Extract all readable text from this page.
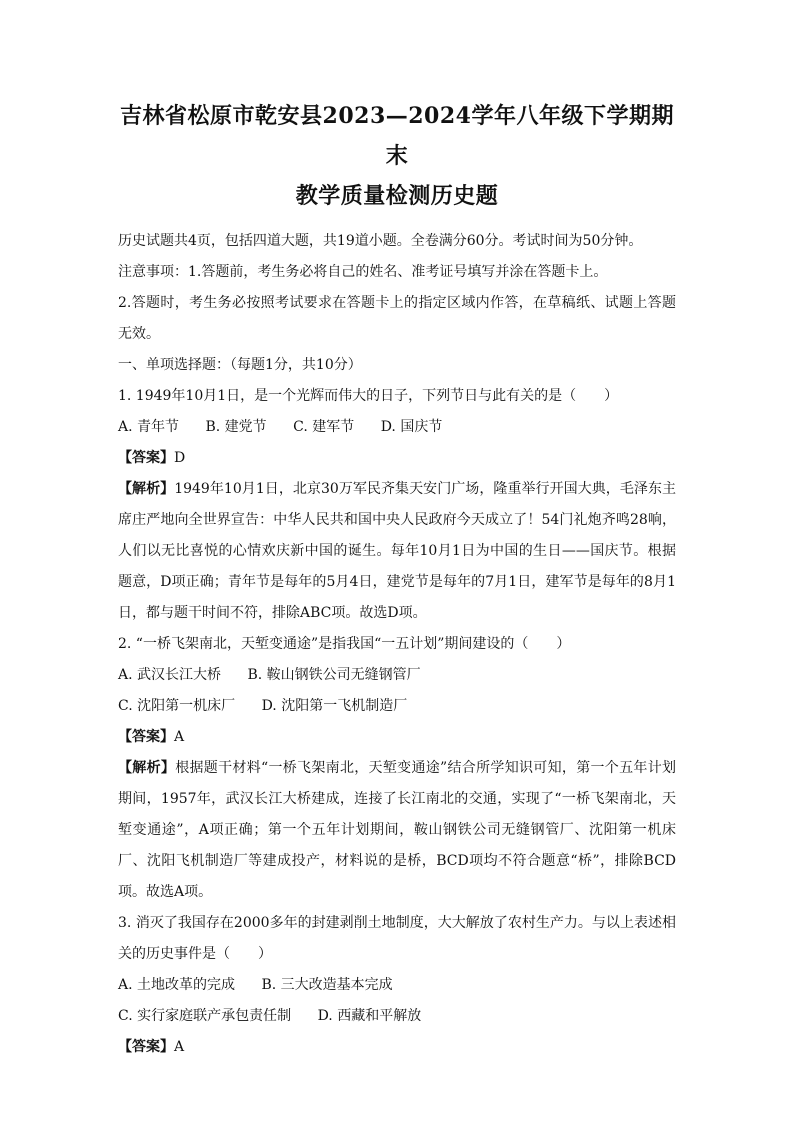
吉林省松原市乾安县2023—2024学年八年级下学期期末
教学质量检测历史题

历史试题共4页，包括四道大题，共19道小题。全卷满分60分。考试时间为50分钟。

注意事项：1.答题前，考生务必将自己的姓名、准考证号填写并涂在答题卡上。

2.答题时，考生务必按照考试要求在答题卡上的指定区域内作答，在草稿纸、试题上答题无效。

一、单项选择题：（每题1分，共10分）

1. 1949年10月1日，是一个光辉而伟大的日子，下列节日与此有关的是（　　）

A. 青年节 B. 建党节 C. 建军节 D. 国庆节

【答案】D

【解析】1949年10月1日，北京30万军民齐集天安门广场，隆重举行开国大典，毛泽东主席庄严地向全世界宣告：中华人民共和国中央人民政府今天成立了！54门礼炮齐鸣28响，人们以无比喜悦的心情欢庆新中国的诞生。每年10月1日为中国的生日——国庆节。根据题意，D项正确；青年节是每年的5月4日，建党节是每年的7月1日，建军节是每年的8月1日，都与题干时间不符，排除ABC项。故选D项。

2. “一桥飞架南北，天堑变通途”是指我国“一五计划”期间建设的（　　）

A. 武汉长江大桥 B. 鞍山钢铁公司无缝钢管厂

C. 沈阳第一机床厂 D. 沈阳第一飞机制造厂

【答案】A

【解析】根据题干材料“一桥飞架南北，天堑变通途”结合所学知识可知，第一个五年计划期间，1957年，武汉长江大桥建成，连接了长江南北的交通，实现了“一桥飞架南北，天堑变通途”，A项正确；第一个五年计划期间，鞍山钢铁公司无缝钢管厂、沈阳第一机床厂、沈阳飞机制造厂等建成投产，材料说的是桥，BCD项均不符合题意“桥”，排除BCD项。故选A项。

3. 消灭了我国存在2000多年的封建剥削土地制度，大大解放了农村生产力。与以上表述相关的历史事件是（　　）

A. 土地改革的完成 B. 三大改造基本完成

C. 实行家庭联产承包责任制 D. 西藏和平解放

【答案】A
